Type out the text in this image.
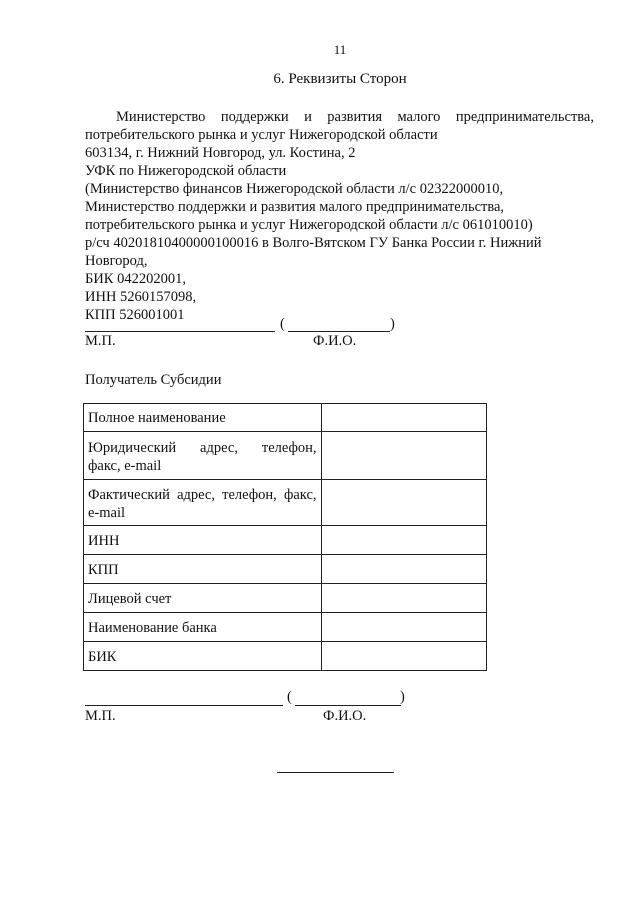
11
6. Реквизиты Сторон
Министерство поддержки и развития малого предпринимательства,
потребительского рынка и услуг Нижегородской области
603134, г. Нижний Новгород, ул. Костина, 2
УФК по Нижегородской области
(Министерство финансов Нижегородской области л/с 02322000010,
Министерство поддержки и развития малого предпринимательства,
потребительского рынка и услуг Нижегородской области л/с 061010010)
р/сч 40201810400000100016 в Волго-Вятском ГУ Банка России г. Нижний
Новгород,
БИК 042202001,
ИНН 5260157098,
КПП 526001001
(	)
М.П.	Ф.И.О.
Получатель Субсидии
Полное наименование	

Юридический адрес, телефон,
факс, e-mail	

Фактический адрес, телефон, факс,
e-mail	

ИНН	
КПП	
Лицевой счет	
Наименование банка	
БИК	
(	)
М.П.	Ф.И.О.
